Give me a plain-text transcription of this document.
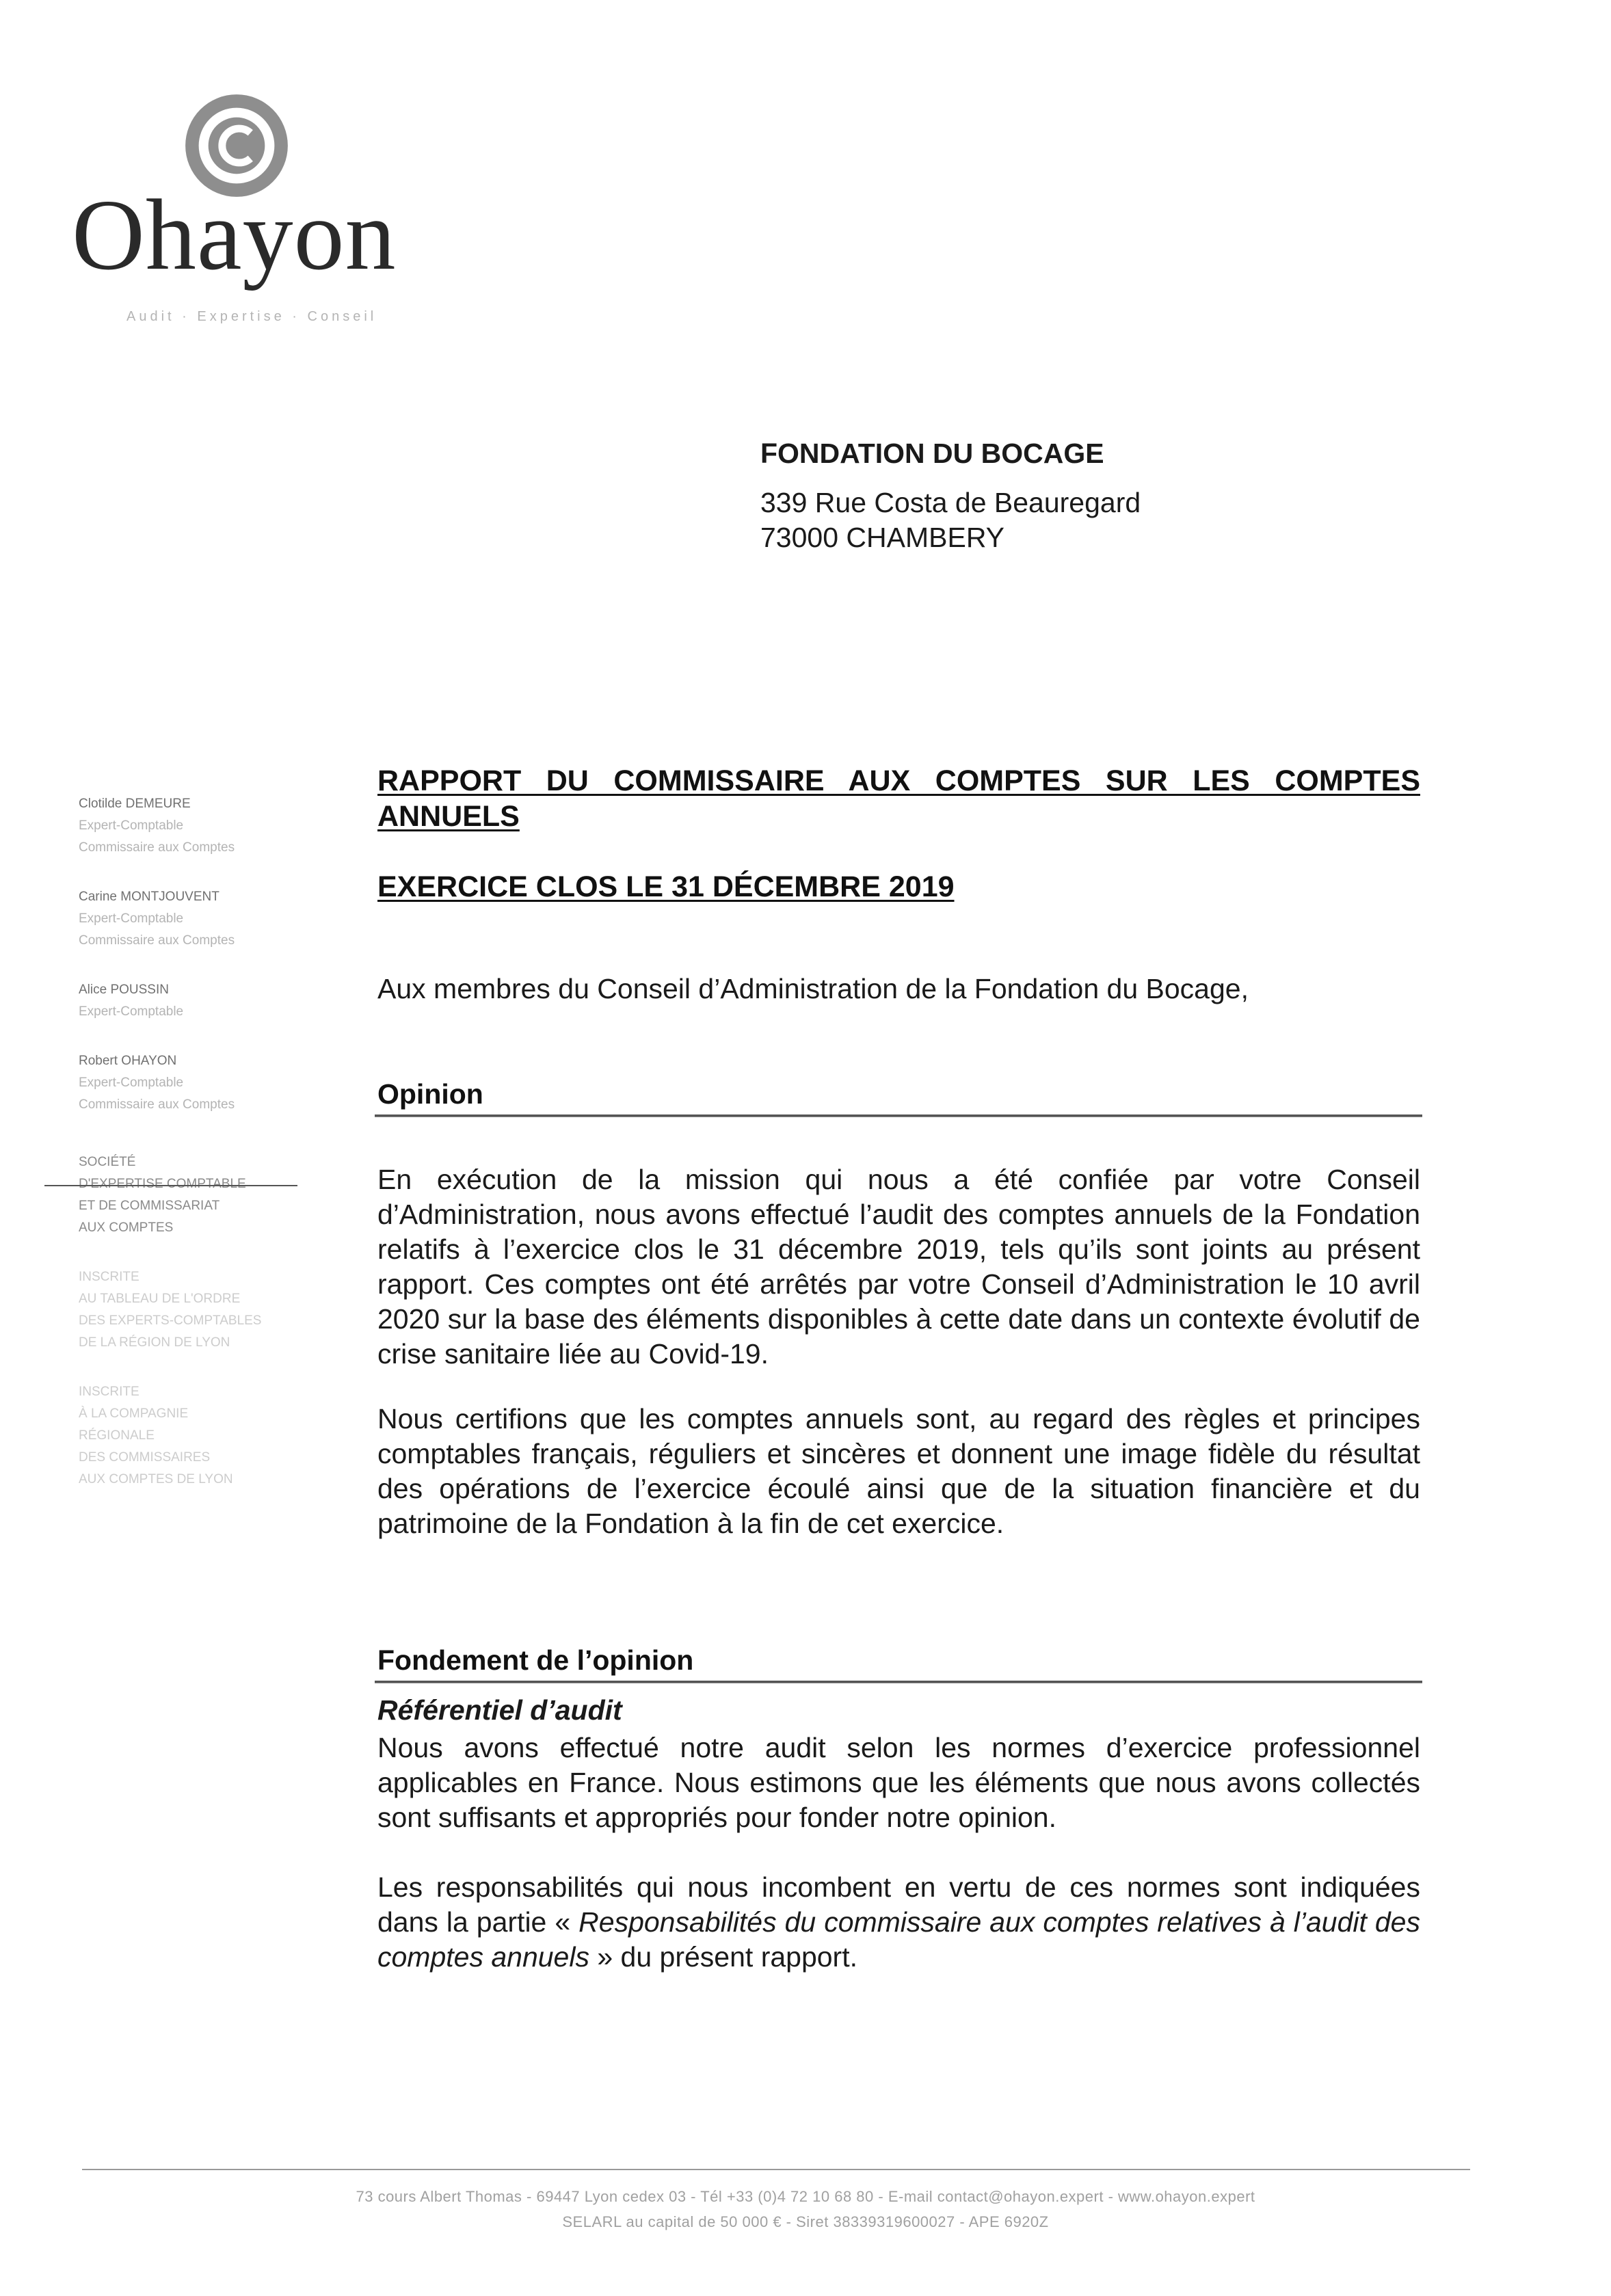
Ohayon
Audit · Expertise · Conseil
FONDATION DU BOCAGE
339 Rue Costa de Beauregard
73000 CHAMBERY
Clotilde DEMEURE
Expert-Comptable
Commissaire aux Comptes
Carine MONTJOUVENT
Expert-Comptable
Commissaire aux Comptes
Alice POUSSIN
Expert-Comptable
Robert OHAYON
Expert-Comptable
Commissaire aux Comptes
SOCIÉTÉ
D'EXPERTISE COMPTABLE
ET DE COMMISSARIAT
AUX COMPTES
INSCRITE
AU TABLEAU DE L'ORDRE
DES EXPERTS-COMPTABLES
DE LA RÉGION DE LYON
INSCRITE
À LA COMPAGNIE
RÉGIONALE
DES COMMISSAIRES
AUX COMPTES DE LYON
RAPPORT DU COMMISSAIRE AUX COMPTES SUR LES COMPTES
ANNUELS
EXERCICE CLOS LE 31 DÉCEMBRE 2019
Aux membres du Conseil d’Administration de la Fondation du Bocage,
Opinion
En exécution de la mission qui nous a été confiée par votre Conseil d’Administration, nous avons effectué l’audit des comptes annuels de la Fondation relatifs à l’exercice clos le 31 décembre 2019, tels qu’ils sont joints au présent rapport. Ces comptes ont été arrêtés par votre Conseil d’Administration le 10 avril 2020 sur la base des éléments disponibles à cette date dans un contexte évolutif de crise sanitaire liée au Covid-19.
Nous certifions que les comptes annuels sont, au regard des règles et principes comptables français, réguliers et sincères et donnent une image fidèle du résultat des opérations de l’exercice écoulé ainsi que de la situation financière et du patrimoine de la Fondation à la fin de cet exercice.
Fondement de l’opinion
Référentiel d’audit
Nous avons effectué notre audit selon les normes d’exercice professionnel applicables en France. Nous estimons que les éléments que nous avons collectés sont suffisants et appropriés pour fonder notre opinion.
Les responsabilités qui nous incombent en vertu de ces normes sont indiquées dans la partie « Responsabilités du commissaire aux comptes relatives à l’audit des comptes annuels » du présent rapport.
73 cours Albert Thomas - 69447 Lyon cedex 03 - Tél +33 (0)4 72 10 68 80 - E-mail contact@ohayon.expert - www.ohayon.expert
SELARL au capital de 50 000 € - Siret 38339319600027 - APE 6920Z
